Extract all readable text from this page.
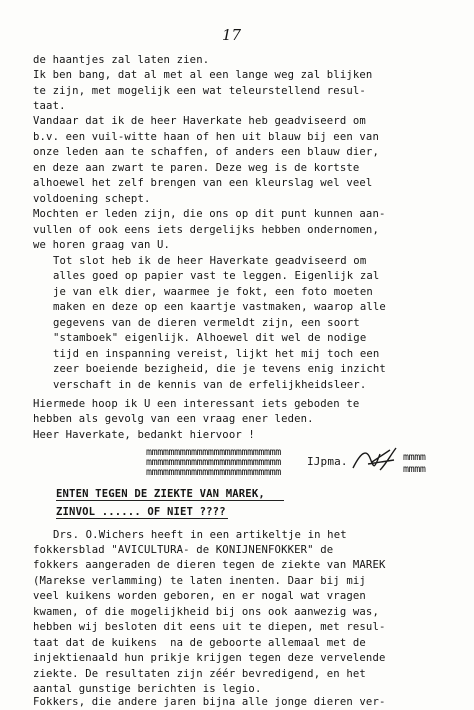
17
de haantjes zal laten zien.
Ik ben bang, dat al met al een lange weg zal blijken
te zijn, met mogelijk een wat teleurstellend resul-
taat.
Vandaar dat ik de heer Haverkate heb geadviseerd om
b.v. een vuil-witte haan of hen uit blauw bij een van
onze leden aan te schaffen, of anders een blauw dier,
en deze aan zwart te paren. Deze weg is de kortste
alhoewel het zelf brengen van een kleurslag wel veel
voldoening schept.
Mochten er leden zijn, die ons op dit punt kunnen aan-
vullen of ook eens iets dergelijks hebben ondernomen,
we horen graag van U.
Tot slot heb ik de heer Haverkate geadviseerd om
alles goed op papier vast te leggen. Eigenlijk zal
je van elk dier, waarmee je fokt, een foto moeten
maken en deze op een kaartje vastmaken, waarop alle
gegevens van de dieren vermeldt zijn, een soort
"stamboek" eigenlijk. Alhoewel dit wel de nodige
tijd en inspanning vereist, lijkt het mij toch een
zeer boeiende bezigheid, die je tevens enig inzicht
verschaft in de kennis van de erfelijkheidsleer.
Hiermede hoop ik U een interessant iets geboden te
hebben als gevolg van een vraag ener leden.
Heer Haverkate, bedankt hiervoor !
mmmmmmmmmmmmmmmmmmmmmmmm
mmmmmmmmmmmmmmmmmmmmmmmm
mmmmmmmmmmmmmmmmmmmmmmmm
IJpma.	mmmm
mmmm
ENTEN TEGEN DE ZIEKTE VAN MAREK,
ZINVOL ...... OF NIET ????
Drs. O.Wichers heeft in een artikeltje in het
fokkersblad "AVICULTURA- de KONIJNENFOKKER" de
fokkers aangeraden de dieren tegen de ziekte van MAREK
(Marekse verlamming) te laten inenten. Daar bij mij
veel kuikens worden geboren, en er nogal wat vragen
kwamen, of die mogelijkheid bij ons ook aanwezig was,
hebben wij besloten dit eens uit te diepen, met resul-
taat dat de kuikens  na de geboorte allemaal met de
injektienaald hun prikje krijgen tegen deze vervelende
ziekte. De resultaten zijn zéér bevredigend, en het
aantal gunstige berichten is legio.
Fokkers, die andere jaren bijna alle jonge dieren ver-
